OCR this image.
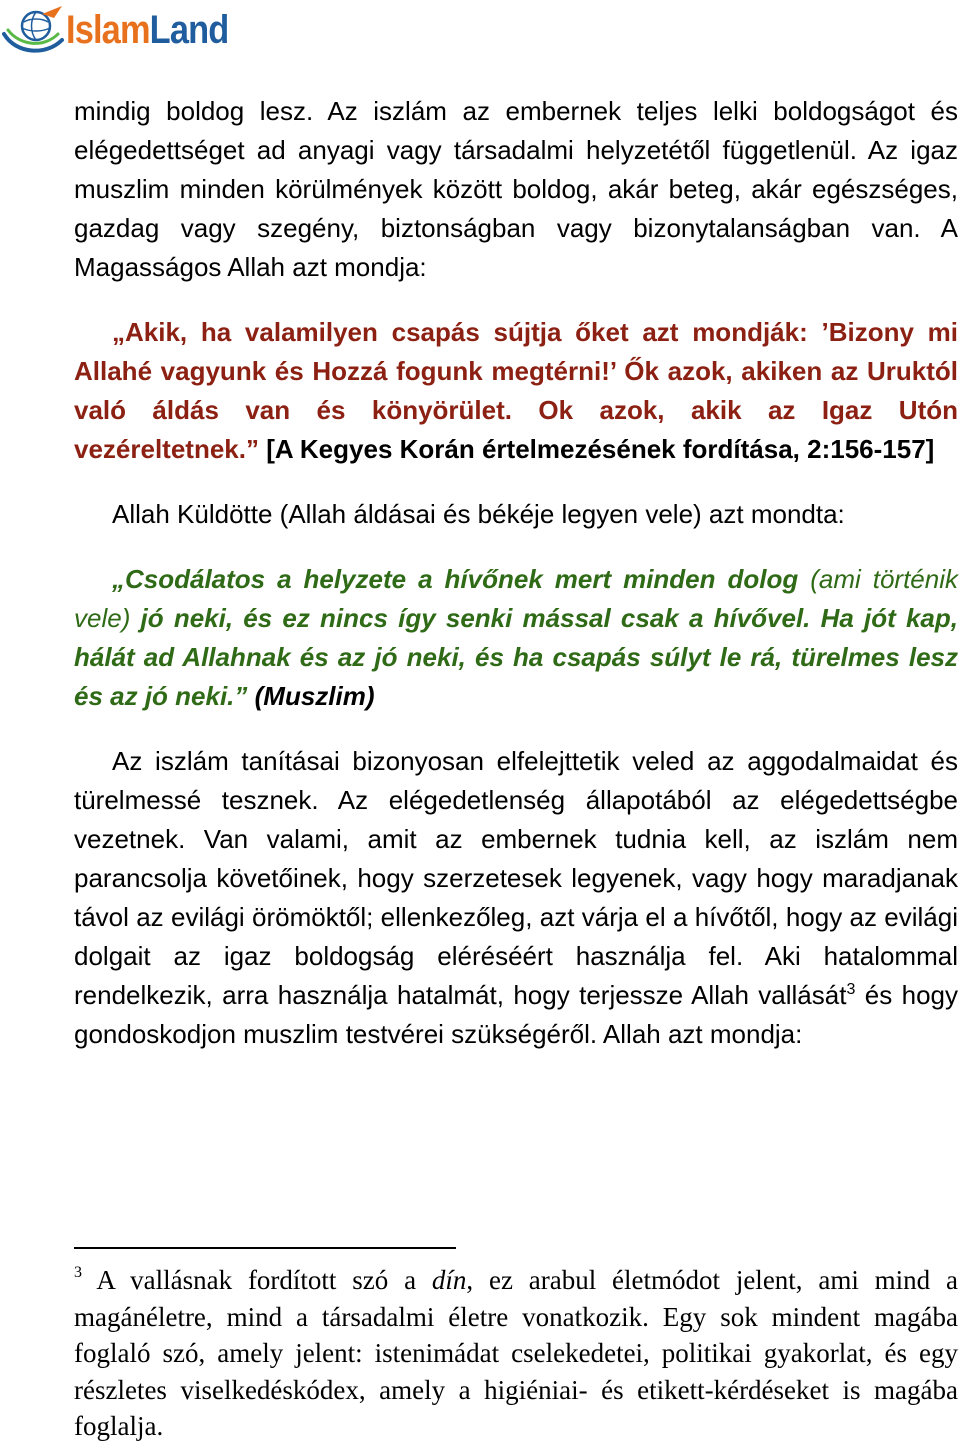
IslamLand

mindig boldog lesz. Az iszlám az embernek teljes lelki boldogságot és elégedettséget ad anyagi vagy társadalmi helyzetétől függetlenül. Az igaz muszlim minden körülmények között boldog, akár beteg, akár egészséges, gazdag vagy szegény, biztonságban vagy bizonytalanságban van. A Magasságos Allah azt mondja:

„Akik, ha valamilyen csapás sújtja őket azt mondják: ’Bizony mi Allahé vagyunk és Hozzá fogunk megtérni!’ Ők azok, akiken az Uruktól való áldás van és könyörület. Ok azok, akik az Igaz Utón vezéreltetnek.” [A Kegyes Korán értelmezésének fordítása, 2:156-157]

Allah Küldötte (Allah áldásai és békéje legyen vele) azt mondta:

„Csodálatos a helyzete a hívőnek mert minden dolog (ami történik vele) jó neki, és ez nincs így senki mással csak a hívővel. Ha jót kap, hálát ad Allahnak és az jó neki, és ha csapás súlyt le rá, türelmes lesz és az jó neki.” (Muszlim)

Az iszlám tanításai bizonyosan elfelejttetik veled az aggodalmaidat és türelmessé tesznek. Az elégedetlenség állapotából az elégedettségbe vezetnek. Van valami, amit az embernek tudnia kell, az iszlám nem parancsolja követőinek, hogy szerzetesek legyenek, vagy hogy maradjanak távol az evilági örömöktől; ellenkezőleg, azt várja el a hívőtől, hogy az evilági dolgait az igaz boldogság eléréséért használja fel. Aki hatalommal rendelkezik, arra használja hatalmát, hogy terjessze Allah vallását$^3$ és hogy gondoskodjon muszlim testvérei szükségéről. Allah azt mondja:

$^3$ A vallásnak fordított szó a dín, ez arabul életmódot jelent, ami mind a magánéletre, mind a társadalmi életre vonatkozik. Egy sok mindent magába foglaló szó, amely jelent: istenimádat cselekedetei, politikai gyakorlat, és egy részletes viselkedéskódex, amely a higiéniai- és etikett-kérdéseket is magába foglalja.
